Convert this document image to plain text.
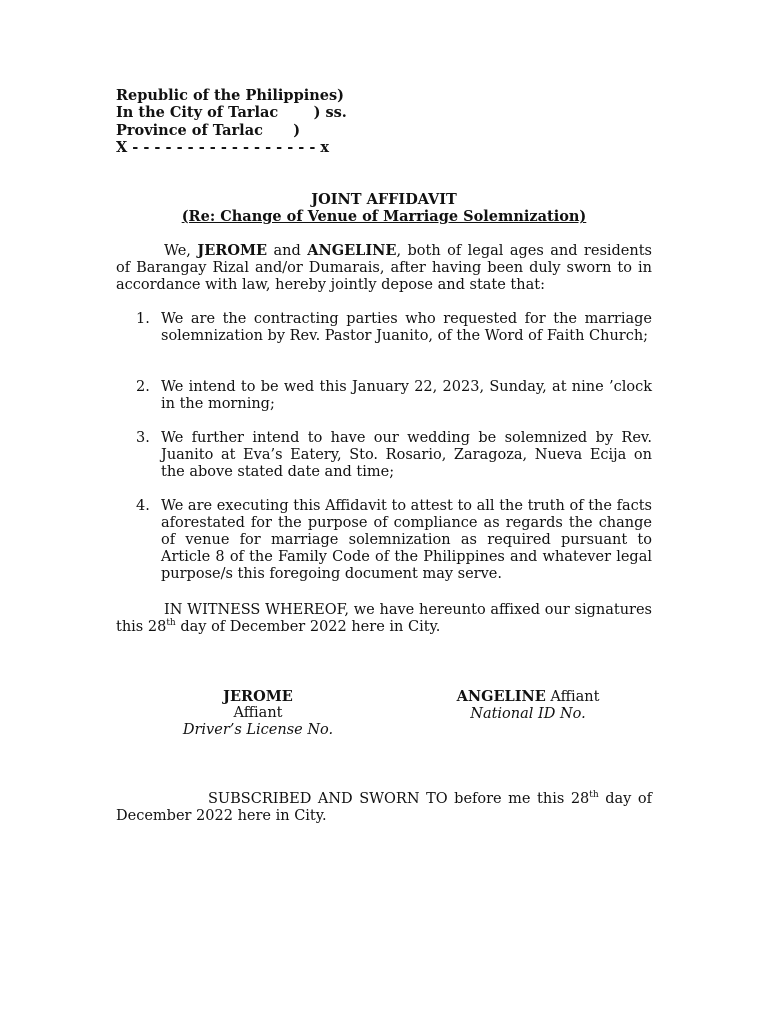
Republic of the Philippines)
In the City of Tarlac       ) ss.
Province of Tarlac      )
X - - - - - - - - - - - - - - - - - x
JOINT AFFIDAVIT
(Re: Change of Venue of Marriage Solemnization)
We, JEROME and ANGELINE, both of legal ages and residents of Barangay Rizal and/or Dumarais, after having been duly sworn to in accordance with law, hereby jointly depose and state that:
1. We are the contracting parties who requested for the marriage solemnization by Rev. Pastor Juanito, of the Word of Faith Church;
2. We intend to be wed this January 22, 2023, Sunday, at nine ’clock in the morning;
3. We further intend to have our wedding be solemnized by Rev. Juanito at Eva’s Eatery, Sto. Rosario, Zaragoza, Nueva Ecija on the above stated date and time;
4. We are executing this Affidavit to attest to all the truth of the facts aforestated for the purpose of compliance as regards the change of venue for marriage solemnization as required pursuant to Article 8 of the Family Code of the Philippines and whatever legal purpose/s this foregoing document may serve.
IN WITNESS WHEREOF, we have hereunto affixed our signatures this 28th day of December 2022 here in City.
JEROME
Affiant
Driver’s License No.
ANGELINE Affiant
National ID No.
SUBSCRIBED AND SWORN TO before me this 28th day of December 2022 here in City.
